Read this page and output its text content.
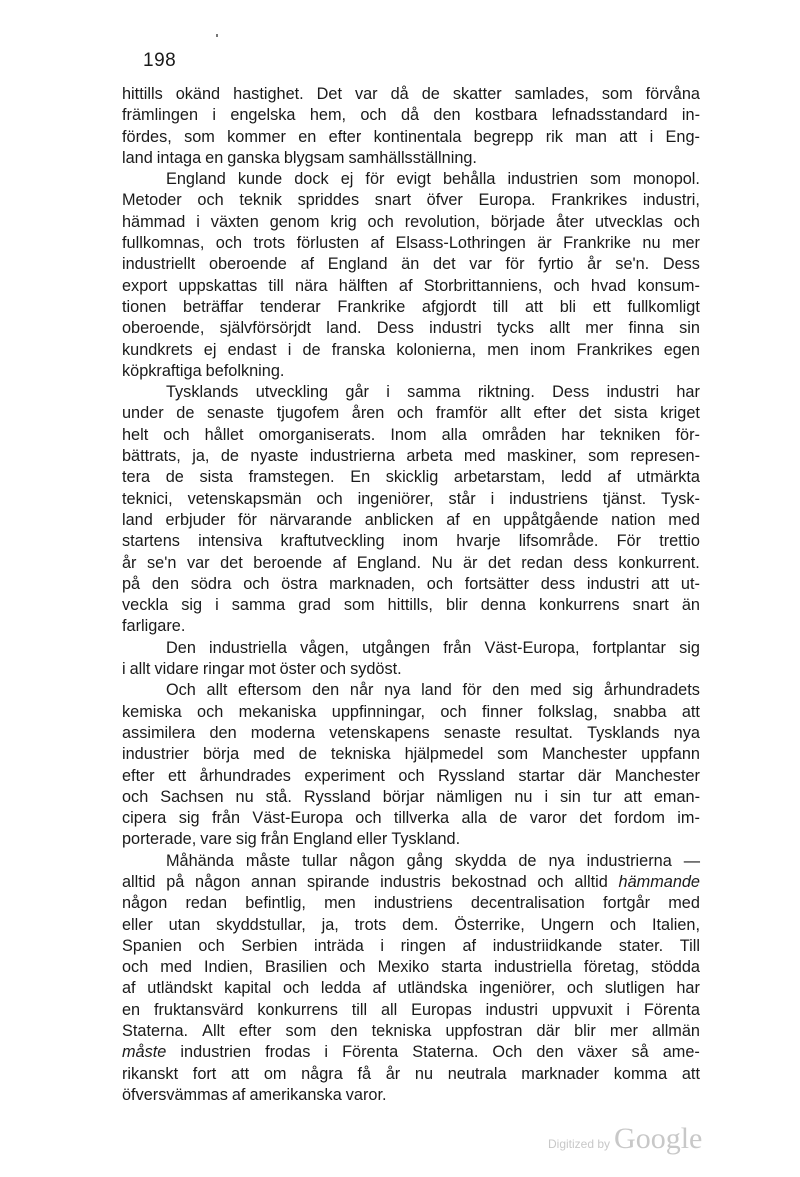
198
hittills okänd hastighet. Det var då de skatter samlades, som förvåna
främlingen i engelska hem, och då den kostbara lefnadsstandard in-
fördes, som kommer en efter kontinentala begrepp rik man att i Eng-
land intaga en ganska blygsam samhällsställning.
England kunde dock ej för evigt behålla industrien som monopol.
Metoder och teknik spriddes snart öfver Europa. Frankrikes industri,
hämmad i växten genom krig och revolution, började åter utvecklas och
fullkomnas, och trots förlusten af Elsass-Lothringen är Frankrike nu mer
industriellt oberoende af England än det var för fyrtio år se'n. Dess
export uppskattas till nära hälften af Storbrittanniens, och hvad konsum-
tionen beträffar tenderar Frankrike afgjordt till att bli ett fullkomligt
oberoende, självförsörjdt land. Dess industri tycks allt mer finna sin
kundkrets ej endast i de franska kolonierna, men inom Frankrikes egen
köpkraftiga befolkning.
Tysklands utveckling går i samma riktning. Dess industri har
under de senaste tjugofem åren och framför allt efter det sista kriget
helt och hållet omorganiserats. Inom alla områden har tekniken för-
bättrats, ja, de nyaste industrierna arbeta med maskiner, som represen-
tera de sista framstegen. En skicklig arbetarstam, ledd af utmärkta
teknici, vetenskapsmän och ingeniörer, står i industriens tjänst. Tysk-
land erbjuder för närvarande anblicken af en uppåtgående nation med
startens intensiva kraftutveckling inom hvarje lifsområde. För trettio
år se'n var det beroende af England. Nu är det redan dess konkurrent.
på den södra och östra marknaden, och fortsätter dess industri att ut-
veckla sig i samma grad som hittills, blir denna konkurrens snart än
farligare.
Den industriella vågen, utgången från Väst-Europa, fortplantar sig
i allt vidare ringar mot öster och sydöst.
Och allt eftersom den når nya land för den med sig århundradets
kemiska och mekaniska uppfinningar, och finner folkslag, snabba att
assimilera den moderna vetenskapens senaste resultat. Tysklands nya
industrier börja med de tekniska hjälpmedel som Manchester uppfann
efter ett århundrades experiment och Ryssland startar där Manchester
och Sachsen nu stå. Ryssland börjar nämligen nu i sin tur att eman-
cipera sig från Väst-Europa och tillverka alla de varor det fordom im-
porterade, vare sig från England eller Tyskland.
Måhända måste tullar någon gång skydda de nya industrierna —
alltid på någon annan spirande industris bekostnad och alltid hämmande
någon redan befintlig, men industriens decentralisation fortgår med
eller utan skyddstullar, ja, trots dem. Österrike, Ungern och Italien,
Spanien och Serbien inträda i ringen af industriidkande stater. Till
och med Indien, Brasilien och Mexiko starta industriella företag, stödda
af utländskt kapital och ledda af utländska ingeniörer, och slutligen har
en fruktansvärd konkurrens till all Europas industri uppvuxit i Förenta
Staterna. Allt efter som den tekniska uppfostran där blir mer allmän
måste industrien frodas i Förenta Staterna. Och den växer så ame-
rikanskt fort att om några få år nu neutrala marknader komma att
öfversvämmas af amerikanska varor.
Digitized by Google
